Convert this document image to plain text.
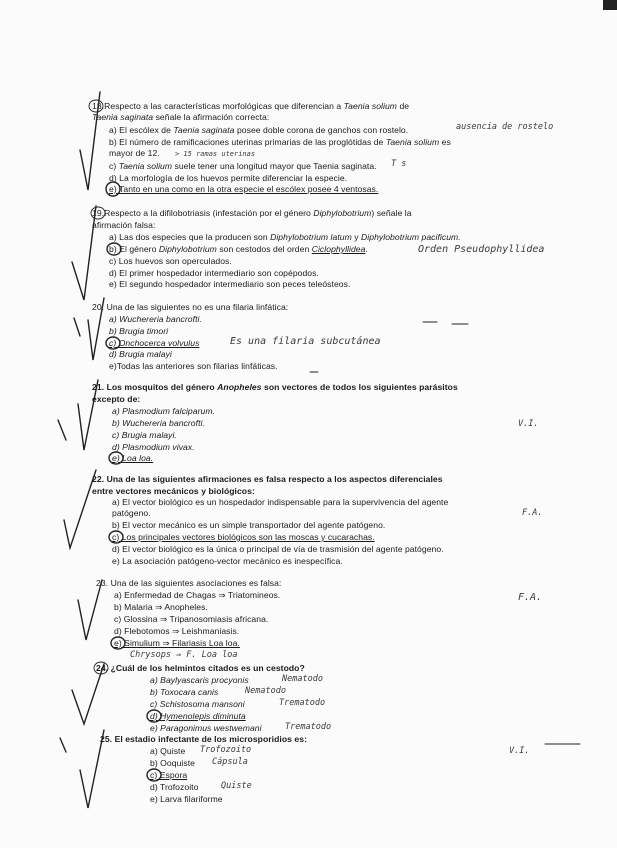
18.Respecto a las características morfológicas que diferencian a Taenia solium de
Taenia saginata señale la afirmación correcta:
a) El escólex de Taenia saginata posee doble corona de ganchos con rostelo.
b) El número de ramificaciones uterinas primarias de las proglótidas de Taenia solium es
mayor de 12.
c) Taenia solium suele tener una longitud mayor que Taenia saginata.
d) La morfología de los huevos permite diferenciar la especie.
e) Tanto en una como en la otra especie el escólex posee 4 ventosas.
19.Respecto a la difilobotriasis (infestación por el género Diphylobotrium) señale la
afirmación falsa:
a) Las dos especies que la producen son Diphylobotrium latum y Diphylobotrium pacificum.
b) El género Diphylobotrium son cestodos del orden Ciclophyllidea.
c) Los huevos son operculados.
d) El primer hospedador intermediario son copépodos.
e) El segundo hospedador intermediario son peces teleósteos.
20. Una de las siguientes no es una filaria linfática:
a) Wuchereria bancrofti.
b) Brugia timori
c) Onchocerca volvulus
d) Brugia malayi
e)Todas las anteriores son filarias linfáticas.
21. Los mosquitos del género Anopheles son vectores de todos los siguientes parásitos
excepto de:
a) Plasmodium falciparum.
b) Wuchereria bancrofti.
c) Brugia malayi.
d) Plasmodium vivax.
e) Loa loa.
22. Una de las siguientes afirmaciones es falsa respecto a los aspectos diferenciales
entre vectores mecánicos y biológicos:
a) El vector biológico es un hospedador indispensable para la supervivencia del agente
patógeno.
b) El vector mecánico es un simple transportador del agente patógeno.
c) Los principales vectores biológicos son las moscas y cucarachas.
d) El vector biológico es la única o principal de vía de trasmisión del agente patógeno.
e) La asociación patógeno-vector mecánico es inespecífica.
23. Una de las siguientes asociaciones es falsa:
a) Enfermedad de Chagas ⇒ Triatomineos.
b) Malaria ⇒ Anopheles.
c) Glossina ⇒ Tripanosomiasis africana.
d) Flebotomos ⇒ Leishmaniasis.
e) Simulium ⇒ Filariasis Loa loa.
24. ¿Cuál de los helmintos citados es un cestodo?
a) Baylyascaris procyonis
b) Toxocara canis
c) Schistosoma mansoni
d) Hymenolepis diminuta
e) Paragonimus westwemani
25. El estadio infectante de los microsporidios es:
a) Quiste
b) Ooquiste
c) Espora
d) Trofozoito
e) Larva filariforme
ausencia de rostelo
> 15 ramas uterinas
T s
Orden Pseudophyllidea
Es una filaria subcutánea
V.I.
F.A.
F.A.
Chrysops ⇒ F. Loa loa
Nematodo
Nematodo
Trematodo
Trematodo
Trofozoito
Cápsula
Quiste
V.I.
